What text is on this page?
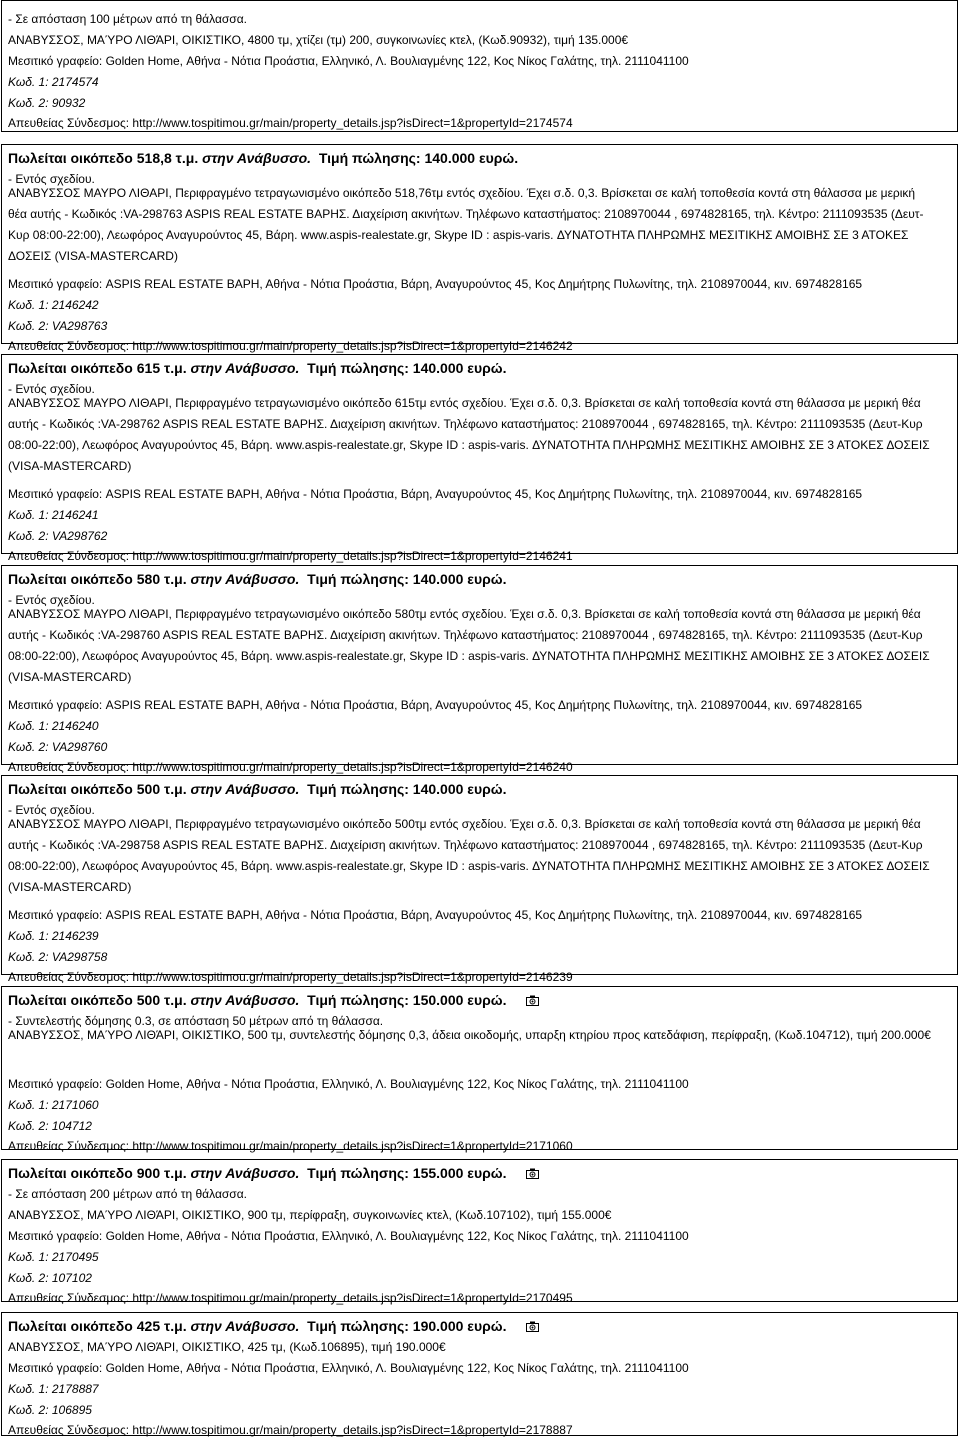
- Σε απόσταση 100 μέτρων από τη θάλασσα.
ΑΝΑΒΥΣΣΟΣ, ΜΑΎΡΟ ΛΙΘΆΡΙ, ΟΙΚΙΣΤΙΚΟ, 4800 τμ, χτίζει (τμ) 200, συγκοινωνίες κτελ, (Κωδ.90932), τιμή 135.000€
Μεσιτικό γραφείο: Golden Home, Αθήνα - Νότια Προάστια, Ελληνικό, Λ. Βουλιαγμένης 122, Κος Νίκος Γαλάτης, τηλ. 2111041100
Κωδ. 1: 2174574
Κωδ. 2: 90932
Απευθείας Σύνδεσμος: http://www.tospitimou.gr/main/property_details.jsp?isDirect=1&propertyId=2174574
Πωλείται οικόπεδο 518,8 τ.μ. στην Ανάβυσσο.  Τιμή πώλησης: 140.000 ευρώ.
- Εντός σχεδίου.
ΑΝΑΒΥΣΣΟΣ ΜΑΥΡΟ ΛΙΘΑΡΙ, Περιφραγμένο τετραγωνισμένο οικόπεδο 518,76τμ εντός σχεδίου. Έχει σ.δ. 0,3. Βρίσκεται σε καλή τοποθεσία κοντά στη θάλασσα με μερική θέα αυτής - Κωδικός :VA-298763 ASPIS REAL ESTATE ΒΑΡΗΣ. Διαχείριση ακινήτων. Τηλέφωνο καταστήματος: 2108970044 , 6974828165, τηλ. Κέντρο: 2111093535 (Δευτ-Κυρ 08:00-22:00), Λεωφόρος Αναγυρούντος 45, Βάρη. www.aspis-realestate.gr, Skype ID : aspis-varis. ΔΥΝΑΤΟΤΗΤΑ ΠΛΗΡΩΜΗΣ ΜΕΣΙΤΙΚΗΣ ΑΜΟΙΒΗΣ ΣΕ 3 ΑΤΟΚΕΣ ΔΟΣΕΙΣ (VISA-MASTERCARD)
Μεσιτικό γραφείο: ASPIS REAL ESTATE ΒΑΡΗ, Αθήνα - Νότια Προάστια, Βάρη, Αναγυρούντος 45, Κος Δημήτρης Πυλωνίτης, τηλ. 2108970044, κιν. 6974828165
Κωδ. 1: 2146242
Κωδ. 2: VA298763
Απευθείας Σύνδεσμος: http://www.tospitimou.gr/main/property_details.jsp?isDirect=1&propertyId=2146242
Πωλείται οικόπεδο 615 τ.μ. στην Ανάβυσσο.  Τιμή πώλησης: 140.000 ευρώ.
- Εντός σχεδίου.
ΑΝΑΒΥΣΣΟΣ ΜΑΥΡΟ ΛΙΘΑΡΙ, Περιφραγμένο τετραγωνισμένο οικόπεδο 615τμ εντός σχεδίου. Έχει σ.δ. 0,3. Βρίσκεται σε καλή τοποθεσία κοντά στη θάλασσα με μερική θέα αυτής - Κωδικός :VA-298762 ASPIS REAL ESTATE ΒΑΡΗΣ. Διαχείριση ακινήτων. Τηλέφωνο καταστήματος: 2108970044 , 6974828165, τηλ. Κέντρο: 2111093535 (Δευτ-Κυρ 08:00-22:00), Λεωφόρος Αναγυρούντος 45, Βάρη. www.aspis-realestate.gr, Skype ID : aspis-varis. ΔΥΝΑΤΟΤΗΤΑ ΠΛΗΡΩΜΗΣ ΜΕΣΙΤΙΚΗΣ ΑΜΟΙΒΗΣ ΣΕ 3 ΑΤΟΚΕΣ ΔΟΣΕΙΣ (VISA-MASTERCARD)
Μεσιτικό γραφείο: ASPIS REAL ESTATE ΒΑΡΗ, Αθήνα - Νότια Προάστια, Βάρη, Αναγυρούντος 45, Κος Δημήτρης Πυλωνίτης, τηλ. 2108970044, κιν. 6974828165
Κωδ. 1: 2146241
Κωδ. 2: VA298762
Απευθείας Σύνδεσμος: http://www.tospitimou.gr/main/property_details.jsp?isDirect=1&propertyId=2146241
Πωλείται οικόπεδο 580 τ.μ. στην Ανάβυσσο.  Τιμή πώλησης: 140.000 ευρώ.
- Εντός σχεδίου.
ΑΝΑΒΥΣΣΟΣ ΜΑΥΡΟ ΛΙΘΑΡΙ, Περιφραγμένο τετραγωνισμένο οικόπεδο 580τμ εντός σχεδίου. Έχει σ.δ. 0,3. Βρίσκεται σε καλή τοποθεσία κοντά στη θάλασσα με μερική θέα αυτής - Κωδικός :VA-298760 ASPIS REAL ESTATE ΒΑΡΗΣ. Διαχείριση ακινήτων. Τηλέφωνο καταστήματος: 2108970044 , 6974828165, τηλ. Κέντρο: 2111093535 (Δευτ-Κυρ 08:00-22:00), Λεωφόρος Αναγυρούντος 45, Βάρη. www.aspis-realestate.gr, Skype ID : aspis-varis. ΔΥΝΑΤΟΤΗΤΑ ΠΛΗΡΩΜΗΣ ΜΕΣΙΤΙΚΗΣ ΑΜΟΙΒΗΣ ΣΕ 3 ΑΤΟΚΕΣ ΔΟΣΕΙΣ (VISA-MASTERCARD)
Μεσιτικό γραφείο: ASPIS REAL ESTATE ΒΑΡΗ, Αθήνα - Νότια Προάστια, Βάρη, Αναγυρούντος 45, Κος Δημήτρης Πυλωνίτης, τηλ. 2108970044, κιν. 6974828165
Κωδ. 1: 2146240
Κωδ. 2: VA298760
Απευθείας Σύνδεσμος: http://www.tospitimou.gr/main/property_details.jsp?isDirect=1&propertyId=2146240
Πωλείται οικόπεδο 500 τ.μ. στην Ανάβυσσο.  Τιμή πώλησης: 140.000 ευρώ.
- Εντός σχεδίου.
ΑΝΑΒΥΣΣΟΣ ΜΑΥΡΟ ΛΙΘΑΡΙ, Περιφραγμένο τετραγωνισμένο οικόπεδο 500τμ εντός σχεδίου. Έχει σ.δ. 0,3. Βρίσκεται σε καλή τοποθεσία κοντά στη θάλασσα με μερική θέα αυτής - Κωδικός :VA-298758 ASPIS REAL ESTATE ΒΑΡΗΣ. Διαχείριση ακινήτων. Τηλέφωνο καταστήματος: 2108970044 , 6974828165, τηλ. Κέντρο: 2111093535 (Δευτ-Κυρ 08:00-22:00), Λεωφόρος Αναγυρούντος 45, Βάρη. www.aspis-realestate.gr, Skype ID : aspis-varis. ΔΥΝΑΤΟΤΗΤΑ ΠΛΗΡΩΜΗΣ ΜΕΣΙΤΙΚΗΣ ΑΜΟΙΒΗΣ ΣΕ 3 ΑΤΟΚΕΣ ΔΟΣΕΙΣ (VISA-MASTERCARD)
Μεσιτικό γραφείο: ASPIS REAL ESTATE ΒΑΡΗ, Αθήνα - Νότια Προάστια, Βάρη, Αναγυρούντος 45, Κος Δημήτρης Πυλωνίτης, τηλ. 2108970044, κιν. 6974828165
Κωδ. 1: 2146239
Κωδ. 2: VA298758
Απευθείας Σύνδεσμος: http://www.tospitimou.gr/main/property_details.jsp?isDirect=1&propertyId=2146239
Πωλείται οικόπεδο 500 τ.μ. στην Ανάβυσσο.  Τιμή πώλησης: 150.000 ευρώ.
- Συντελεστής δόμησης 0.3, σε απόσταση 50 μέτρων από τη θάλασσα.
ΑΝΑΒΥΣΣΟΣ, ΜΑΎΡΟ ΛΙΘΆΡΙ, ΟΙΚΙΣΤΙΚΟ, 500 τμ, συντελεστής δόμησης 0,3, άδεια οικοδομής, υπαρξη κτηρίου προς κατεδάφιση, περίφραξη, (Κωδ.104712), τιμή 200.000€
Μεσιτικό γραφείο: Golden Home, Αθήνα - Νότια Προάστια, Ελληνικό, Λ. Βουλιαγμένης 122, Κος Νίκος Γαλάτης, τηλ. 2111041100
Κωδ. 1: 2171060
Κωδ. 2: 104712
Απευθείας Σύνδεσμος: http://www.tospitimou.gr/main/property_details.jsp?isDirect=1&propertyId=2171060
Πωλείται οικόπεδο 900 τ.μ. στην Ανάβυσσο.  Τιμή πώλησης: 155.000 ευρώ.
- Σε απόσταση 200 μέτρων από τη θάλασσα.
ΑΝΑΒΥΣΣΟΣ, ΜΑΎΡΟ ΛΙΘΆΡΙ, ΟΙΚΙΣΤΙΚΟ, 900 τμ, περίφραξη, συγκοινωνίες κτελ, (Κωδ.107102), τιμή 155.000€
Μεσιτικό γραφείο: Golden Home, Αθήνα - Νότια Προάστια, Ελληνικό, Λ. Βουλιαγμένης 122, Κος Νίκος Γαλάτης, τηλ. 2111041100
Κωδ. 1: 2170495
Κωδ. 2: 107102
Απευθείας Σύνδεσμος: http://www.tospitimou.gr/main/property_details.jsp?isDirect=1&propertyId=2170495
Πωλείται οικόπεδο 425 τ.μ. στην Ανάβυσσο.  Τιμή πώλησης: 190.000 ευρώ.
ΑΝΑΒΥΣΣΟΣ, ΜΑΎΡΟ ΛΙΘΆΡΙ, ΟΙΚΙΣΤΙΚΟ, 425 τμ, (Κωδ.106895), τιμή 190.000€
Μεσιτικό γραφείο: Golden Home, Αθήνα - Νότια Προάστια, Ελληνικό, Λ. Βουλιαγμένης 122, Κος Νίκος Γαλάτης, τηλ. 2111041100
Κωδ. 1: 2178887
Κωδ. 2: 106895
Απευθείας Σύνδεσμος: http://www.tospitimou.gr/main/property_details.jsp?isDirect=1&propertyId=2178887
